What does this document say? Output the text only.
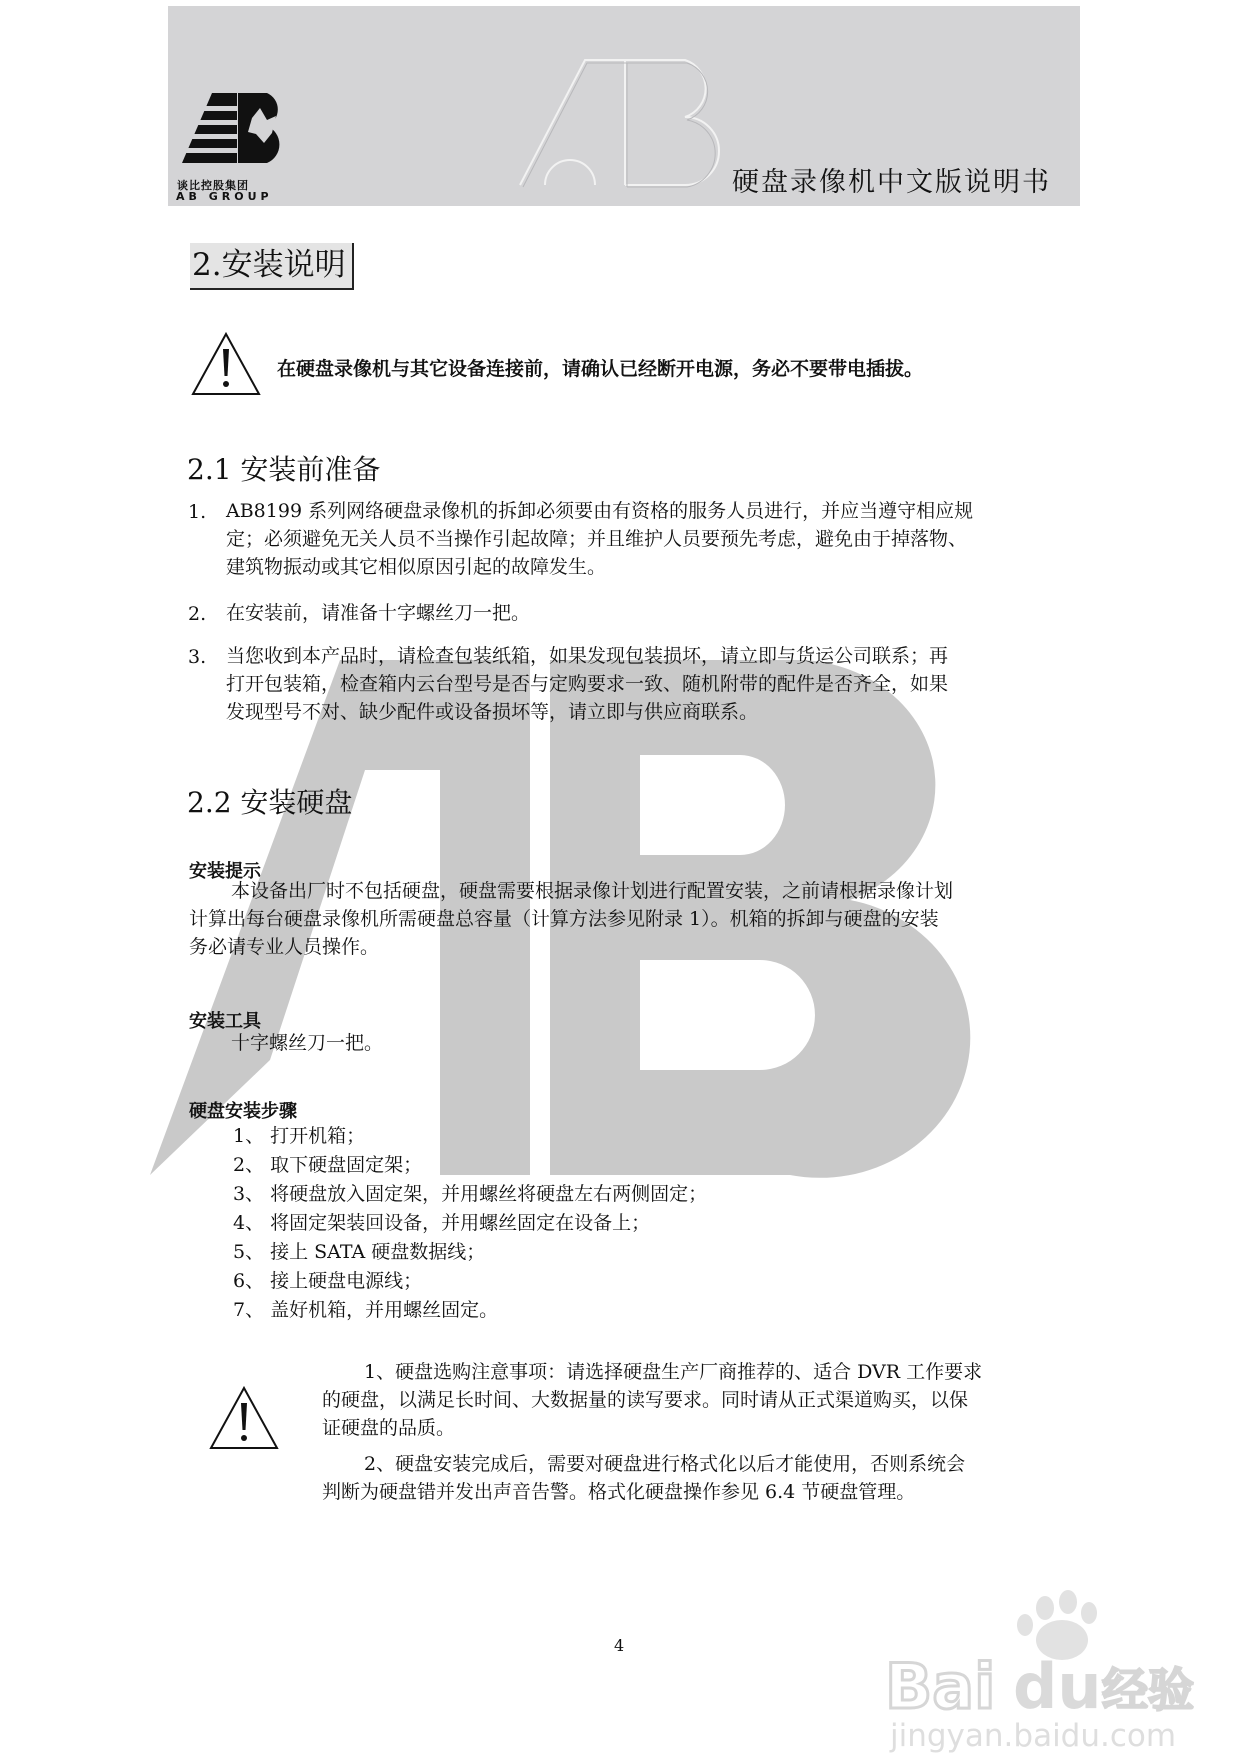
谈比控股集团
AB GROUP	硬盘录像机中文版说明书
2.安装说明
在硬盘录像机与其它设备连接前，请确认已经断开电源，务必不要带电插拔。
2.1 安装前准备
1. AB8199 系列网络硬盘录像机的拆卸必须要由有资格的服务人员进行，并应当遵守相应规
定；必须避免无关人员不当操作引起故障；并且维护人员要预先考虑，避免由于掉落物、
建筑物振动或其它相似原因引起的故障发生。
2. 在安装前，请准备十字螺丝刀一把。
3. 当您收到本产品时，请检查包装纸箱，如果发现包装损坏，请立即与货运公司联系；再
打开包装箱，检查箱内云台型号是否与定购要求一致、随机附带的配件是否齐全，如果
发现型号不对、缺少配件或设备损坏等，请立即与供应商联系。
2.2 安装硬盘
安装提示
本设备出厂时不包括硬盘，硬盘需要根据录像计划进行配置安装，之前请根据录像计划
计算出每台硬盘录像机所需硬盘总容量（计算方法参见附录 1）。机箱的拆卸与硬盘的安装
务必请专业人员操作。
安装工具
十字螺丝刀一把。
硬盘安装步骤
1、 打开机箱；
2、 取下硬盘固定架；
3、 将硬盘放入固定架，并用螺丝将硬盘左右两侧固定；
4、 将固定架装回设备，并用螺丝固定在设备上；
5、 接上 SATA 硬盘数据线；
6、 接上硬盘电源线；
7、 盖好机箱，并用螺丝固定。
1、硬盘选购注意事项：请选择硬盘生产厂商推荐的、适合 DVR 工作要求
的硬盘，以满足长时间、大数据量的读写要求。同时请从正式渠道购买，以保
证硬盘的品质。
2、硬盘安装完成后，需要对硬盘进行格式化以后才能使用，否则系统会
判断为硬盘错并发出声音告警。格式化硬盘操作参见 6.4 节硬盘管理。
4
Bai du 经验
jingyan.baidu.com
